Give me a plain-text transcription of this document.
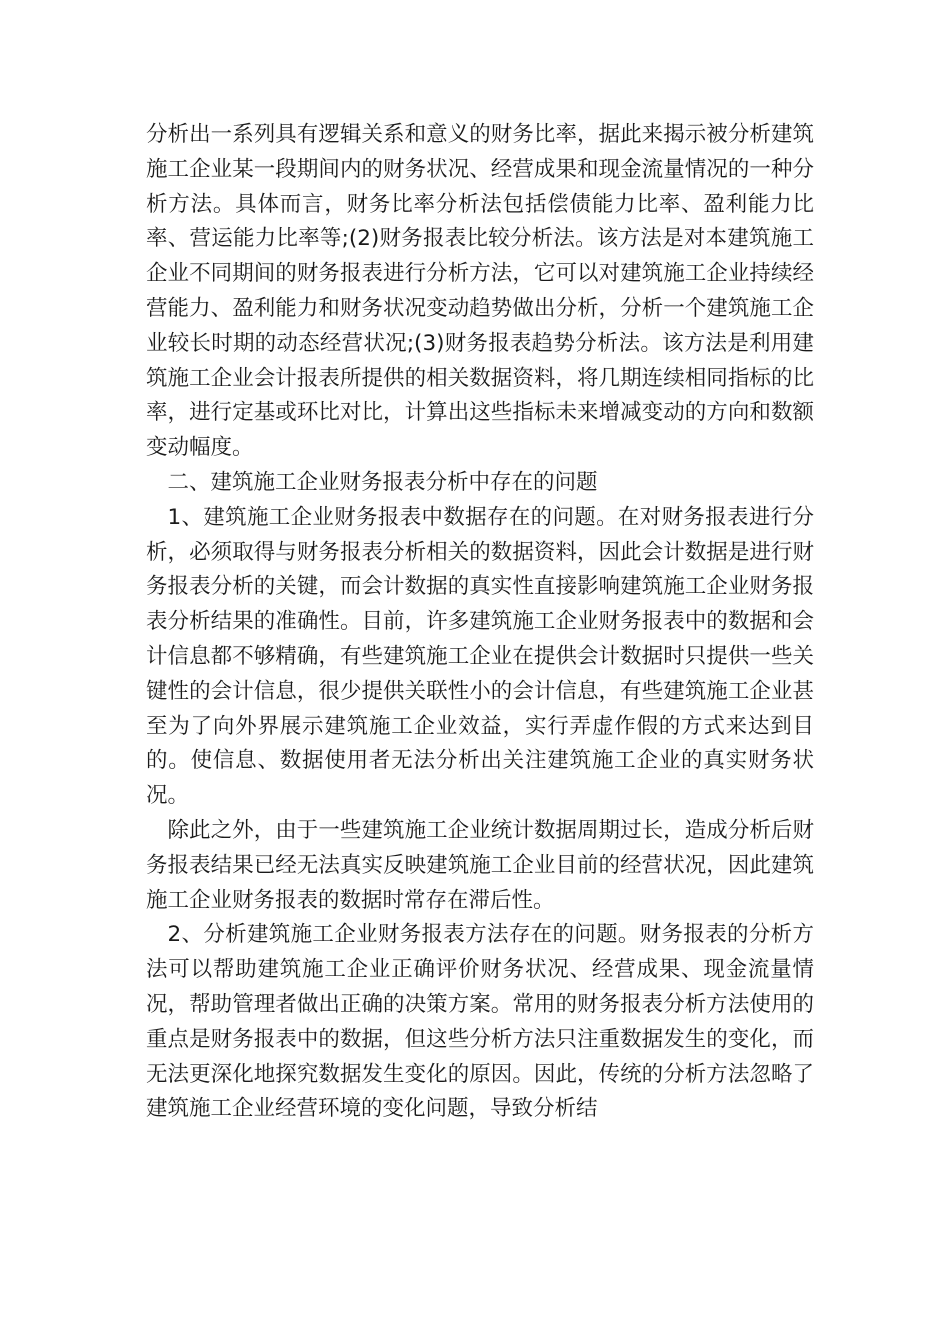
分析出一系列具有逻辑关系和意义的财务比率，据此来揭示被分析建筑施工企业某一段期间内的财务状况、经营成果和现金流量情况的一种分析方法。具体而言，财务比率分析法包括偿债能力比率、盈利能力比率、营运能力比率等;(2)财务报表比较分析法。该方法是对本建筑施工企业不同期间的财务报表进行分析方法，它可以对建筑施工企业持续经营能力、盈利能力和财务状况变动趋势做出分析，分析一个建筑施工企业较长时期的动态经营状况;(3)财务报表趋势分析法。该方法是利用建筑施工企业会计报表所提供的相关数据资料，将几期连续相同指标的比率，进行定基或环比对比，计算出这些指标未来增减变动的方向和数额变动幅度。

二、建筑施工企业财务报表分析中存在的问题

1、建筑施工企业财务报表中数据存在的问题。在对财务报表进行分析，必须取得与财务报表分析相关的数据资料，因此会计数据是进行财务报表分析的关键，而会计数据的真实性直接影响建筑施工企业财务报表分析结果的准确性。目前，许多建筑施工企业财务报表中的数据和会计信息都不够精确，有些建筑施工企业在提供会计数据时只提供一些关键性的会计信息，很少提供关联性小的会计信息，有些建筑施工企业甚至为了向外界展示建筑施工企业效益，实行弄虚作假的方式来达到目的。使信息、数据使用者无法分析出关注建筑施工企业的真实财务状况。

除此之外，由于一些建筑施工企业统计数据周期过长，造成分析后财务报表结果已经无法真实反映建筑施工企业目前的经营状况，因此建筑施工企业财务报表的数据时常存在滞后性。

2、分析建筑施工企业财务报表方法存在的问题。财务报表的分析方法可以帮助建筑施工企业正确评价财务状况、经营成果、现金流量情况，帮助管理者做出正确的决策方案。常用的财务报表分析方法使用的重点是财务报表中的数据，但这些分析方法只注重数据发生的变化，而无法更深化地探究数据发生变化的原因。因此，传统的分析方法忽略了建筑施工企业经营环境的变化问题，导致分析结
